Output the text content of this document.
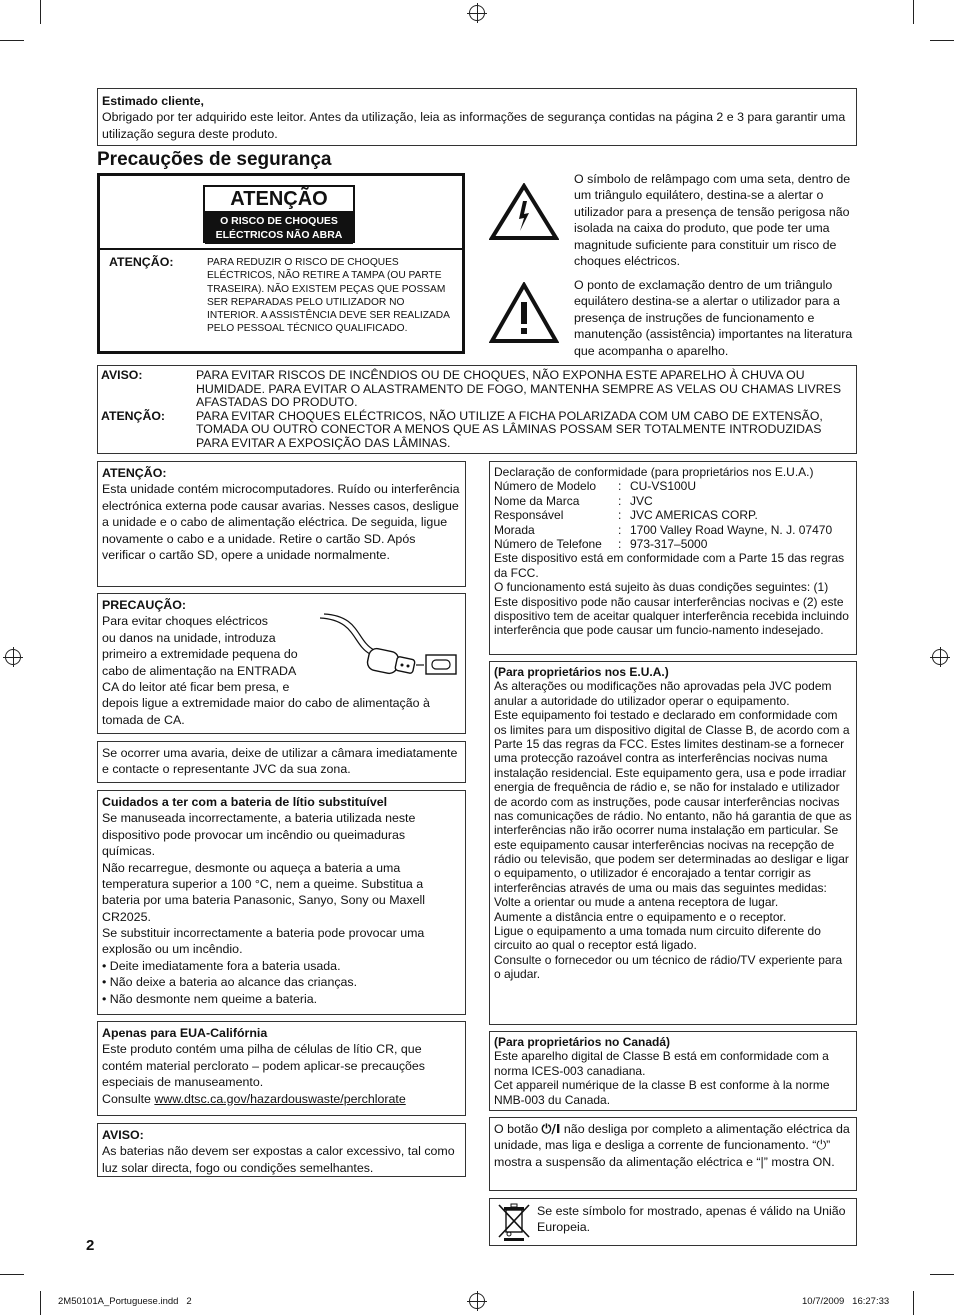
Estimado cliente,

Obrigado por ter adquirido este leitor. Antes da utilização, leia as informações de segurança contidas na página 2 e 3 para garantir uma utilização segura deste produto.

Precauções de segurança
ATENÇÃO
O RISCO DE CHOQUES
ELÉCTRICOS NÃO ABRA
ATENÇÃO:	PARA REDUZIR O RISCO DE CHOQUES ELÉCTRICOS, NÃO RETIRE A TAMPA (OU PARTE TRASEIRA). NÃO EXISTEM PEÇAS QUE POSSAM SER REPARADAS PELO UTILIZADOR NO INTERIOR. A ASSISTÊNCIA DEVE SER REALIZADA PELO PESSOAL TÉCNICO QUALIFICADO.
O símbolo de relâmpago com uma seta, dentro de um triângulo equilátero, destina-se a alertar o utilizador para a presença de tensão perigosa não isolada na caixa do produto, que pode ter uma magnitude suficiente para constituir um risco de choques eléctricos.
O ponto de exclamação dentro de um triângulo equilátero destina-se a alertar o utilizador para a presença de instruções de funcionamento e manutenção (assistência) importantes na literatura que acompanha o aparelho.
AVISO:	PARA EVITAR RISCOS DE INCÊNDIOS OU DE CHOQUES, NÃO EXPONHA ESTE APARELHO À CHUVA OU HUMIDADE. PARA EVITAR O ALASTRAMENTO DE FOGO, MANTENHA SEMPRE AS VELAS OU CHAMAS LIVRES AFASTADAS DO PRODUTO.
ATENÇÃO:	PARA EVITAR CHOQUES ELÉCTRICOS, NÃO UTILIZE A FICHA POLARIZADA COM UM CABO DE EXTENSÃO, TOMADA OU OUTRO CONECTOR A MENOS QUE AS LÂMINAS POSSAM SER TOTALMENTE INTRODUZIDAS PARA EVITAR A EXPOSIÇÃO DAS LÂMINAS.

ATENÇÃO:

Esta unidade contém microcomputadores. Ruído ou interferência electrónica externa pode causar avarias. Nesses casos, desligue a unidade e o cabo de alimentação eléctrica. De seguida, ligue novamente o cabo e a unidade. Retire o cartão SD. Após verificar o cartão SD, opere a unidade normalmente.

PRECAUÇÃO:

Para evitar choques eléctricos

ou danos na unidade, introduza

primeiro a extremidade pequena do

cabo de alimentação na ENTRADA

CA do leitor até ficar bem presa, e

depois ligue a extremidade maior do cabo de alimentação à tomada de CA.

Se ocorrer uma avaria, deixe de utilizar a câmara imediatamente e contacte o representante JVC da sua zona.

Cuidados a ter com a bateria de lítio substituível

Se manuseada incorrectamente, a bateria utilizada neste dispositivo pode provocar um incêndio ou queimaduras químicas.

Não recarregue, desmonte ou aqueça a bateria a uma temperatura superior a 100 °C, nem a queime. Substitua a bateria por uma bateria Panasonic, Sanyo, Sony ou Maxell CR2025.

Se substituir incorrectamente a bateria pode provocar uma explosão ou um incêndio.

• Deite imediatamente fora a bateria usada.
• Não deixe a bateria ao alcance das crianças.
• Não desmonte nem queime a bateria.

Apenas para EUA-Califórnia

Este produto contém uma pilha de células de lítio CR, que contém material perclorato – podem aplicar-se precauções especiais de manuseamento.

Consulte www.dtsc.ca.gov/hazardouswaste/perchlorate

AVISO:

As baterias não devem ser expostas a calor excessivo, tal como luz solar directa, fogo ou condições semelhantes.

Declaração de conformidade (para proprietários nos E.U.A.)

Número de Modelo	: CU-VS100U
Nome da Marca	: JVC
Responsável	: JVC AMERICAS CORP.
Morada	: 1700 Valley Road Wayne, N. J. 07470
Número de Telefone	: 973-317–5000

Este dispositivo está em conformidade com a Parte 15 das regras da FCC.

O funcionamento está sujeito às duas condições seguintes: (1) Este dispositivo pode não causar interferências nocivas e (2) este dispositivo tem de aceitar qualquer interferência recebida incluindo interferência que pode causar um funcio-namento indesejado.

(Para proprietários nos E.U.A.)

As alterações ou modificações não aprovadas pela JVC podem anular a autoridade do utilizador operar o equipamento.

Este equipamento foi testado e declarado em conformidade com os limites para um dispositivo digital de Classe B, de acordo com a Parte 15 das regras da FCC. Estes limites destinam-se a fornecer uma protecção razoável contra as interferências nocivas numa instalação residencial. Este equipamento gera, usa e pode irradiar energia de frequência de rádio e, se não for instalado e utilizador de acordo com as instruções, pode causar interferências nocivas nas comunicações de rádio. No entanto, não há garantia de que as interferências não irão ocorrer numa instalação em particular. Se este equipamento causar interferências nocivas na recepção de rádio ou televisão, que podem ser determinadas ao desligar e ligar o equipamento, o utilizador é encorajado a tentar corrigir as interferências através de uma ou mais das seguintes medidas: Volte a orientar ou mude a antena receptora de lugar.

Aumente a distância entre o equipamento e o receptor.

Ligue o equipamento a uma tomada num circuito diferente do circuito ao qual o receptor está ligado.

Consulte o fornecedor ou um técnico de rádio/TV experiente para o ajudar.

(Para proprietários no Canadá)

Este aparelho digital de Classe B está em conformidade com a norma ICES-003 canadiana.

Cet appareil numérique de la classe B est conforme à la norme NMB-003 du Canada.

O botão ⏻/I não desliga por completo a alimentação eléctrica da unidade, mas liga e desliga a corrente de funcionamento. “⏻” mostra a suspensão da alimentação eléctrica e “|” mostra ON.

Se este símbolo for mostrado, apenas é válido na União Europeia.

2
2M50101A_Portuguese.indd   2	10/7/2009   16:27:33
